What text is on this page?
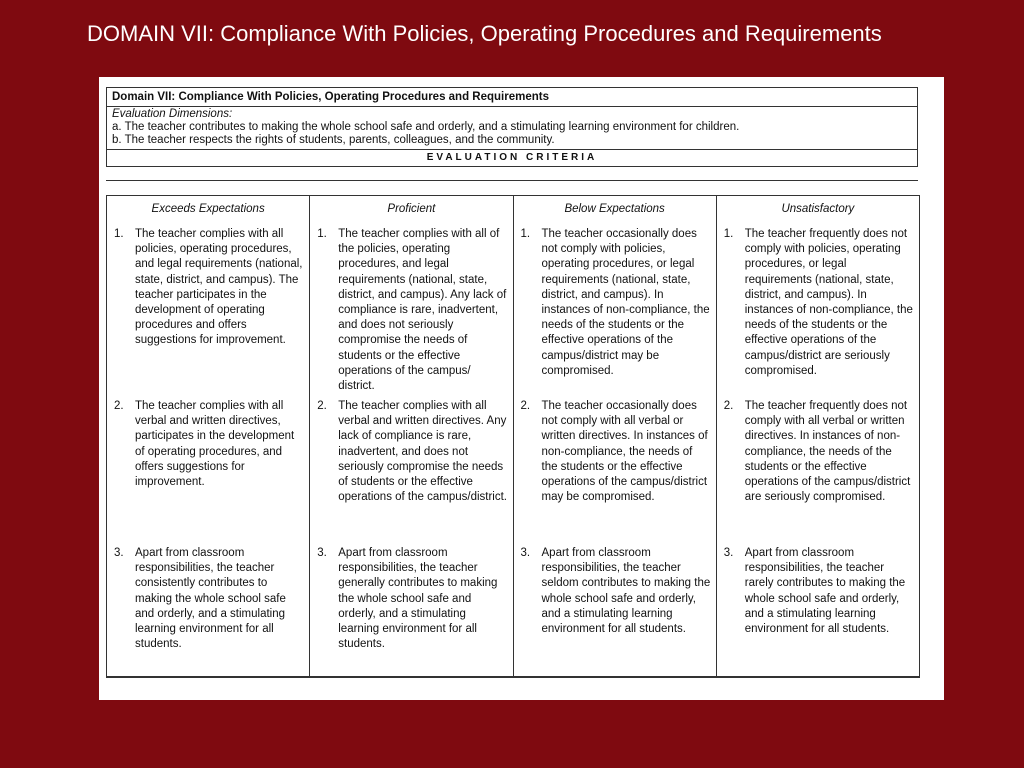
DOMAIN VII: Compliance With Policies, Operating Procedures and Requirements
Domain VII: Compliance With Policies, Operating Procedures and Requirements
Evaluation Dimensions:
a. The teacher contributes to making the whole school safe and orderly, and a stimulating learning environment for children.
b. The teacher respects the rights of students, parents, colleagues, and the community.
EVALUATION CRITERIA
Exceeds Expectations
1. The teacher complies with all policies, operating procedures, and legal requirements (national, state, district, and campus). The teacher participates in the development of operating procedures and offers suggestions for improvement.
2. The teacher complies with all verbal and written directives, participates in the development of operating procedures, and offers suggestions for improvement.
3. Apart from classroom responsibilities, the teacher consistently contributes to making the whole school safe and orderly, and a stimulating learning environment for all students.
Proficient
1. The teacher complies with all of the policies, operating procedures, and legal requirements (national, state, district, and campus). Any lack of compliance is rare, inadvertent, and does not seriously compromise the needs of students or the effective operations of the campus/ district.
2. The teacher complies with all verbal and written directives. Any lack of compliance is rare, inadvertent, and does not seriously compromise the needs of students or the effective operations of the campus/district.
3. Apart from classroom responsibilities, the teacher generally contributes to making the whole school safe and orderly, and a stimulating learning environment for all students.
Below Expectations
1. The teacher occasionally does not comply with policies, operating procedures, or legal requirements (national, state, district, and campus). In instances of non-compliance, the needs of the students or the effective operations of the campus/district may be compromised.
2. The teacher occasionally does not comply with all verbal or written directives. In instances of non-compliance, the needs of the students or the effective operations of the campus/district may be compromised.
3. Apart from classroom responsibilities, the teacher seldom contributes to making the whole school safe and orderly, and a stimulating learning environment for all students.
Unsatisfactory
1. The teacher frequently does not comply with policies, operating procedures, or legal requirements (national, state, district, and campus). In instances of non-compliance, the needs of the students or the effective operations of the campus/district are seriously compromised.
2. The teacher frequently does not comply with all verbal or written directives. In instances of non-compliance, the needs of the students or the effective operations of the campus/district are seriously compromised.
3. Apart from classroom responsibilities, the teacher rarely contributes to making the whole school safe and orderly, and a stimulating learning environment for all students.
